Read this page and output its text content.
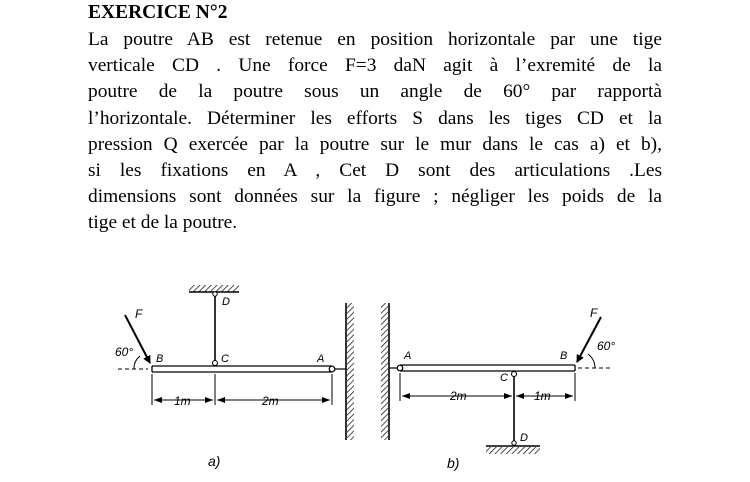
EXERCICE N°2
La poutre AB est retenue en position horizontale par une tige
verticale CD . Une force F=3 daN agit à l’exremité de la
poutre de la poutre sous un angle de 60° par rapportà
l’horizontale. Déterminer les efforts S dans les tiges CD et la
pression Q exercée par la poutre sur le mur dans le cas a) et b),
si les fixations en A , Cet D sont des articulations .Les
dimensions sont données sur la figure ; négliger les poids de la
tige et de la poutre.
F
60° B	C	A
D
1m	2m
a)
F
60°
A	B
C
D
2m	1m
b)
